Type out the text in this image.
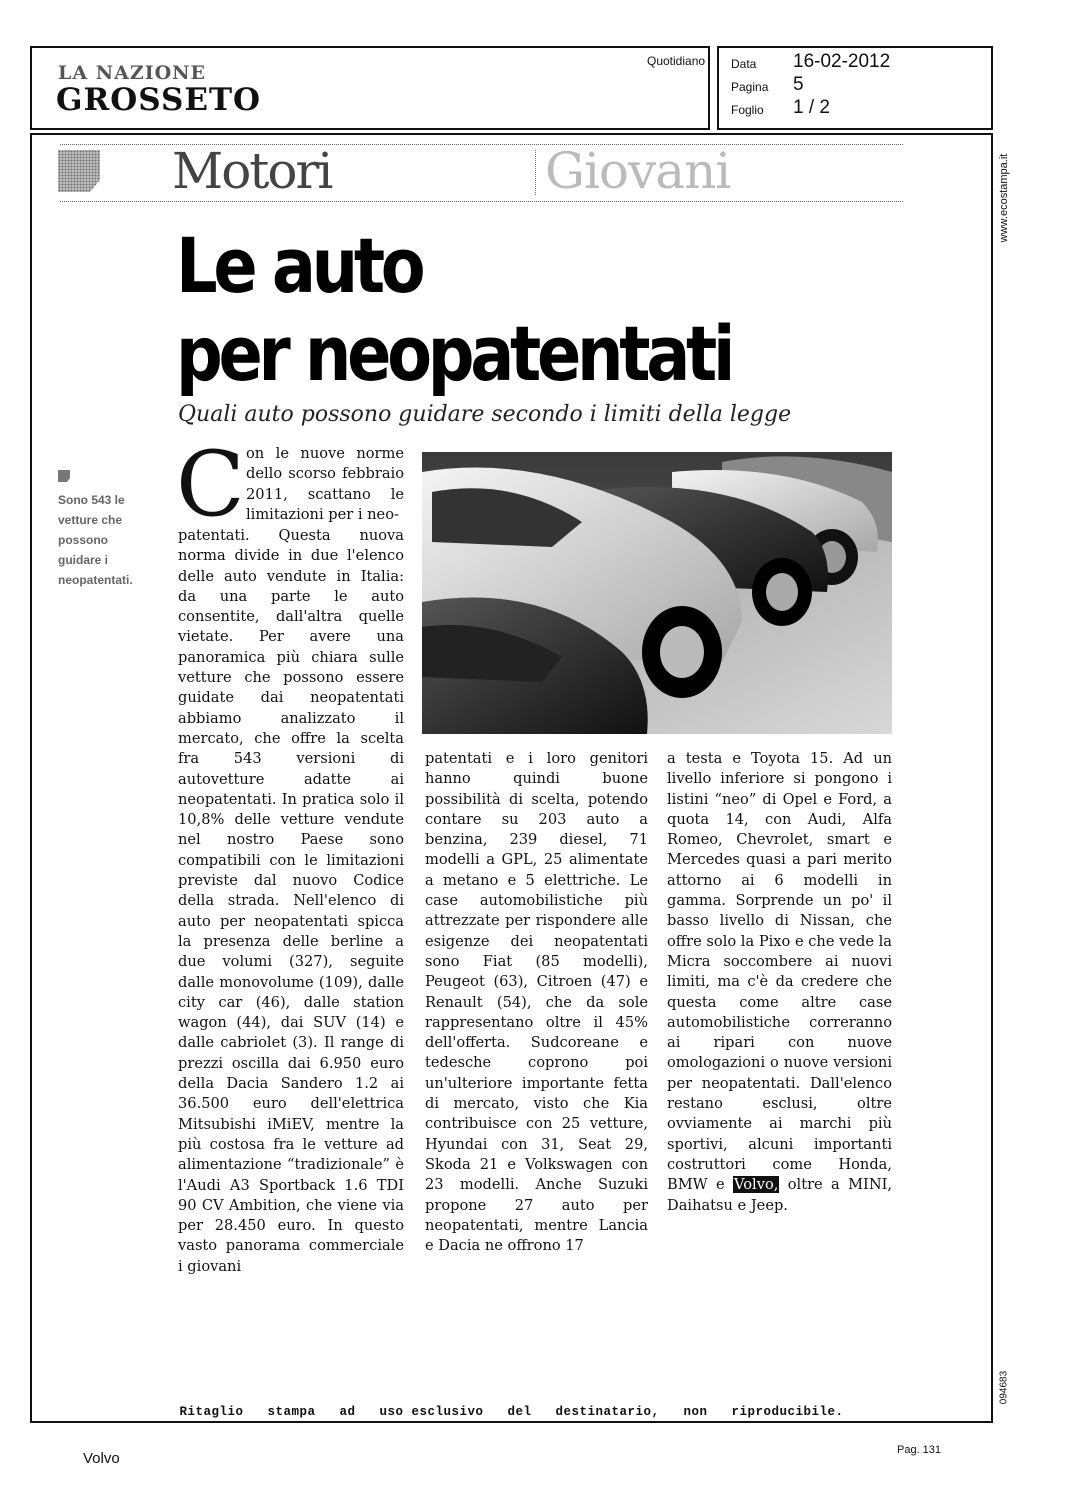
LA NAZIONE
GROSSETO
Quotidiano Data 16-02-2012
Pagina 5
Foglio 1 / 2
www.ecostampa.it
094683
Motori	Giovani
Le auto
per neopatentati
Quali auto possono guidare secondo i limiti della legge
Sono 543 le vetture che possono guidare i neopatentati.
C on le nuove norme dello scorso febbraio 2011, scattano le limitazioni per i neo-
patentati. Questa nuova norma divide in due l'elenco delle auto vendute in Italia: da una parte le auto consentite, dall'altra quelle vietate. Per avere una panoramica più chiara sulle vetture che possono essere guidate dai neopatentati abbiamo analizzato il mercato, che offre la scelta fra 543 versioni di autovetture adatte ai neopatentati. In pratica solo il 10,8% delle vetture vendute nel nostro Paese sono compatibili con le limitazioni previste dal nuovo Codice della strada. Nell'elenco di auto per neopatentati spicca la presenza delle berline a due volumi (327), seguite dalle monovolume (109), dalle city car (46), dalle station wagon (44), dai SUV (14) e dalle cabriolet (3). Il range di prezzi oscilla dai 6.950 euro della Dacia Sandero 1.2 ai 36.500 euro dell'elettrica Mitsubishi iMiEV, mentre la più costosa fra le vetture ad alimentazione “tradizionale” è l'Audi A3 Sportback 1.6 TDI 90 CV Ambition, che viene via per 28.450 euro. In questo vasto panorama commerciale i giovani
patentati e i loro genitori hanno quindi buone possibilità di scelta, potendo contare su 203 auto a benzina, 239 diesel, 71 modelli a GPL, 25 alimentate a metano e 5 elettriche. Le case automobilistiche più attrezzate per rispondere alle esigenze dei neopatentati sono Fiat (85 modelli), Peugeot (63), Citroen (47) e Renault (54), che da sole rappresentano oltre il 45% dell'offerta. Sudcoreane e tedesche coprono poi un'ulteriore importante fetta di mercato, visto che Kia contribuisce con 25 vetture, Hyundai con 31, Seat 29, Skoda 21 e Volkswagen con 23 modelli. Anche Suzuki propone 27 auto per neopatentati, mentre Lancia e Dacia ne offrono 17
a testa e Toyota 15. Ad un livello inferiore si pongono i listini “neo” di Opel e Ford, a quota 14, con Audi, Alfa Romeo, Chevrolet, smart e Mercedes quasi a pari merito attorno ai 6 modelli in gamma. Sorprende un po' il basso livello di Nissan, che offre solo la Pixo e che vede la Micra soccombere ai nuovi limiti, ma c'è da credere che questa come altre case automobilistiche correranno ai ripari con nuove omologazioni o nuove versioni per neopatentati. Dall'elenco restano esclusi, oltre ovviamente ai marchi più sportivi, alcuni importanti costruttori come Honda, BMW e Volvo, oltre a MINI, Daihatsu e Jeep.
Ritaglio   stampa   ad   uso esclusivo   del   destinatario,   non   riproducibile.
Volvo	Pag. 131
